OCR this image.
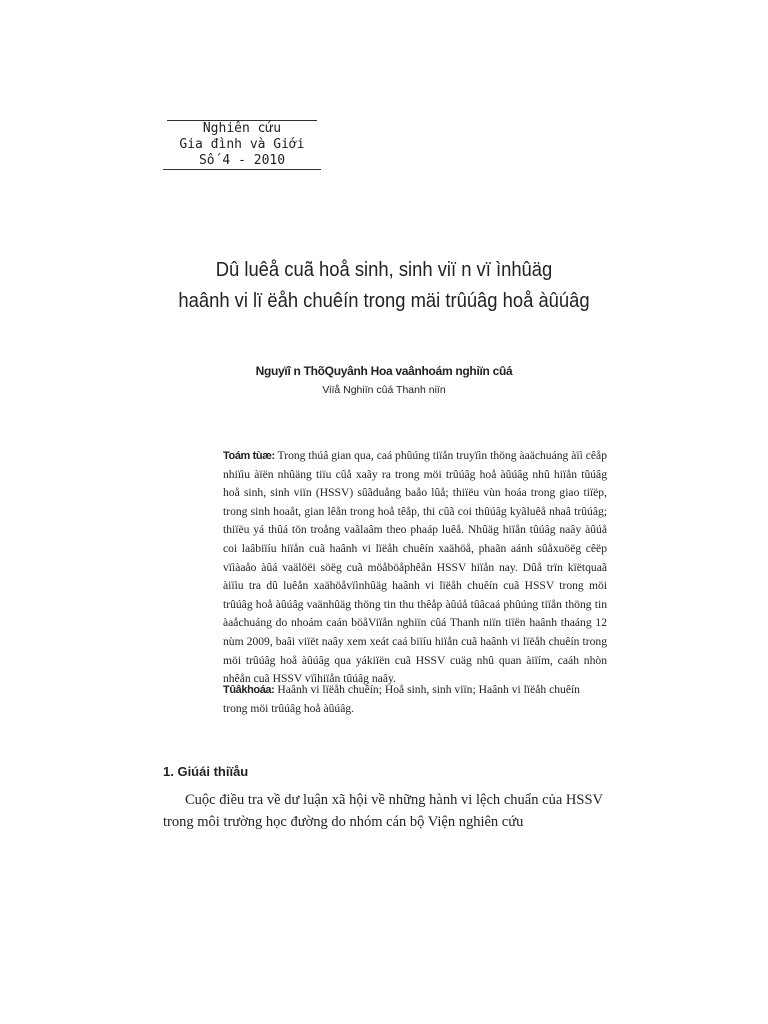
Nghiên cứu
Gia đình và Giới
Số 4 - 2010
Dû luêå cuã hoå sinh, sinh viï n vï ìnhûäg
haânh vi lï ëåh chuêín trong mäi trûúâg hoå àûúâg
Nguyïî n ThõQuyânh Hoa vaânhoám nghiïn cûá
Viïå Nghiïn cûá Thanh niïn
Toám tùæ: Trong thúâ gian qua, caá phûúng tiïån truyïìn thöng àaächuáng àïì cêåp nhiïìu àïën nhûäng tiïu cûå xaãy ra trong möi trûúâg hoå àûúâg nhû hiïån tûúâg hoå sinh, sinh viïn (HSSV) sûãduång baåo lûå; thiïëu vùn hoáa trong giao tiïëp, trong sinh hoaåt, gian lêån trong hoå têåp, thi cûã coi thûúâg kyãluêå nhaâ trûúâg; thiïëu yá thûá tön troång vaãlaâm theo phaáp luêå. Nhûäg hiïån tûúâg naây àûúå coi laâbiïíu hiïån cuã haânh vi lïëåh chuêín xaähöå, phaãn aánh sûåxuöëg cêëp vïìàaåo àûá vaälöëi söëg cuã möåböåphêån HSSV hiïån nay. Dûå trïn kïëtquaã àiïìu tra dû luêån xaähöåvïìnhûäg haânh vi lïëåh chuêín cuã HSSV trong möi trûúâg hoå àûúâg vaänhûäg thöng tin thu thêåp àûúå tûâcaá phûúng tiïån thöng tin àaåchuáng do nhoám caán böåViïån nghiïn cûá Thanh niïn tiïën haânh thaáng 12 nùm 2009, baâi viïët naây xem xeát caá biïíu hiïån cuã haânh vi lïëåh chuêín trong möi trûúâg hoå àûúâg qua yákiïën cuã HSSV cuäg nhû quan àiïím, caáh nhòn nhêån cuã HSSV vïìhiïån tûúâg naây.
Tûâkhoáa: Haânh vi lïëåh chuêín; Hoå sinh, sinh viïn; Haânh vi lïëåh chuêín trong möi trûúâg hoå àûúâg.
1. Giúái thiïåu
Cuộc điều tra về dư luận xã hội về những hành vi lệch chuẩn của HSSV trong môi trường học đường do nhóm cán bộ Viện nghiên cứu
